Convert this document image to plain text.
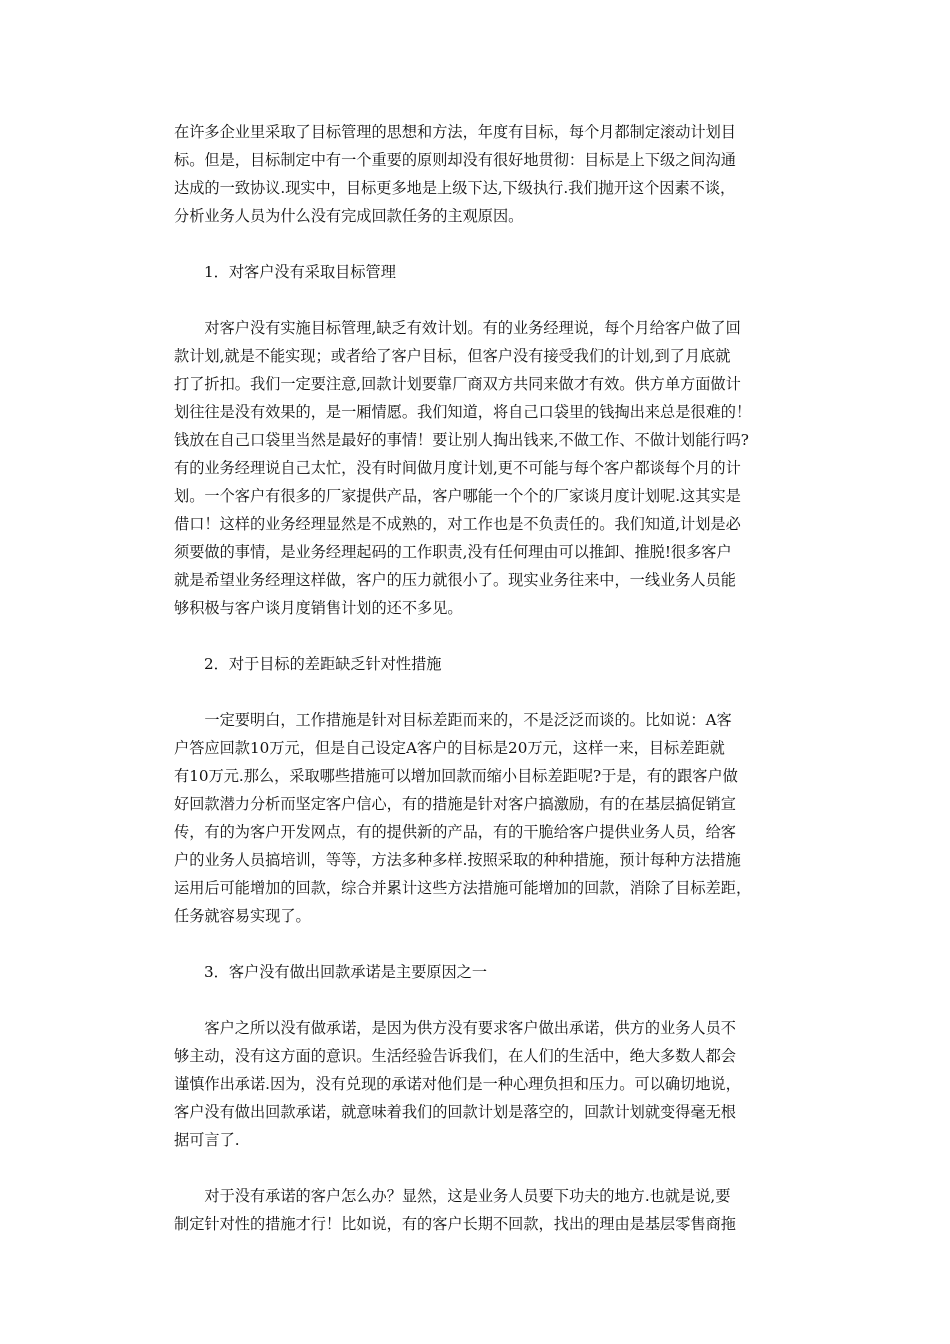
在许多企业里采取了目标管理的思想和方法，年度有目标，每个月都制定滚动计划目
标。但是，目标制定中有一个重要的原则却没有很好地贯彻：目标是上下级之间沟通
达成的一致协议.现实中，目标更多地是上级下达,下级执行.我们抛开这个因素不谈，
分析业务人员为什么没有完成回款任务的主观原因。
1．对客户没有采取目标管理
对客户没有实施目标管理,缺乏有效计划。有的业务经理说，每个月给客户做了回
款计划,就是不能实现；或者给了客户目标，但客户没有接受我们的计划,到了月底就
打了折扣。我们一定要注意,回款计划要靠厂商双方共同来做才有效。供方单方面做计
划往往是没有效果的，是一厢情愿。我们知道，将自己口袋里的钱掏出来总是很难的！
钱放在自己口袋里当然是最好的事情！要让别人掏出钱来,不做工作、不做计划能行吗?
有的业务经理说自己太忙，没有时间做月度计划,更不可能与每个客户都谈每个月的计
划。一个客户有很多的厂家提供产品，客户哪能一个个的厂家谈月度计划呢.这其实是
借口！这样的业务经理显然是不成熟的，对工作也是不负责任的。我们知道,计划是必
须要做的事情，是业务经理起码的工作职责,没有任何理由可以推卸、推脱!很多客户
就是希望业务经理这样做，客户的压力就很小了。现实业务往来中，一线业务人员能
够积极与客户谈月度销售计划的还不多见。
2．对于目标的差距缺乏针对性措施
一定要明白，工作措施是针对目标差距而来的，不是泛泛而谈的。比如说：A客
户答应回款10万元，但是自己设定A客户的目标是20万元，这样一来，目标差距就
有10万元.那么，采取哪些措施可以增加回款而缩小目标差距呢?于是，有的跟客户做
好回款潜力分析而坚定客户信心，有的措施是针对客户搞激励，有的在基层搞促销宣
传，有的为客户开发网点，有的提供新的产品，有的干脆给客户提供业务人员，给客
户的业务人员搞培训，等等，方法多种多样.按照采取的种种措施，预计每种方法措施
运用后可能增加的回款，综合并累计这些方法措施可能增加的回款，消除了目标差距，
任务就容易实现了。
3．客户没有做出回款承诺是主要原因之一
客户之所以没有做承诺，是因为供方没有要求客户做出承诺，供方的业务人员不
够主动，没有这方面的意识。生活经验告诉我们，在人们的生活中，绝大多数人都会
谨慎作出承诺.因为，没有兑现的承诺对他们是一种心理负担和压力。可以确切地说，
客户没有做出回款承诺，就意味着我们的回款计划是落空的，回款计划就变得毫无根
据可言了.
对于没有承诺的客户怎么办？显然，这是业务人员要下功夫的地方.也就是说,要
制定针对性的措施才行！比如说，有的客户长期不回款，找出的理由是基层零售商拖
